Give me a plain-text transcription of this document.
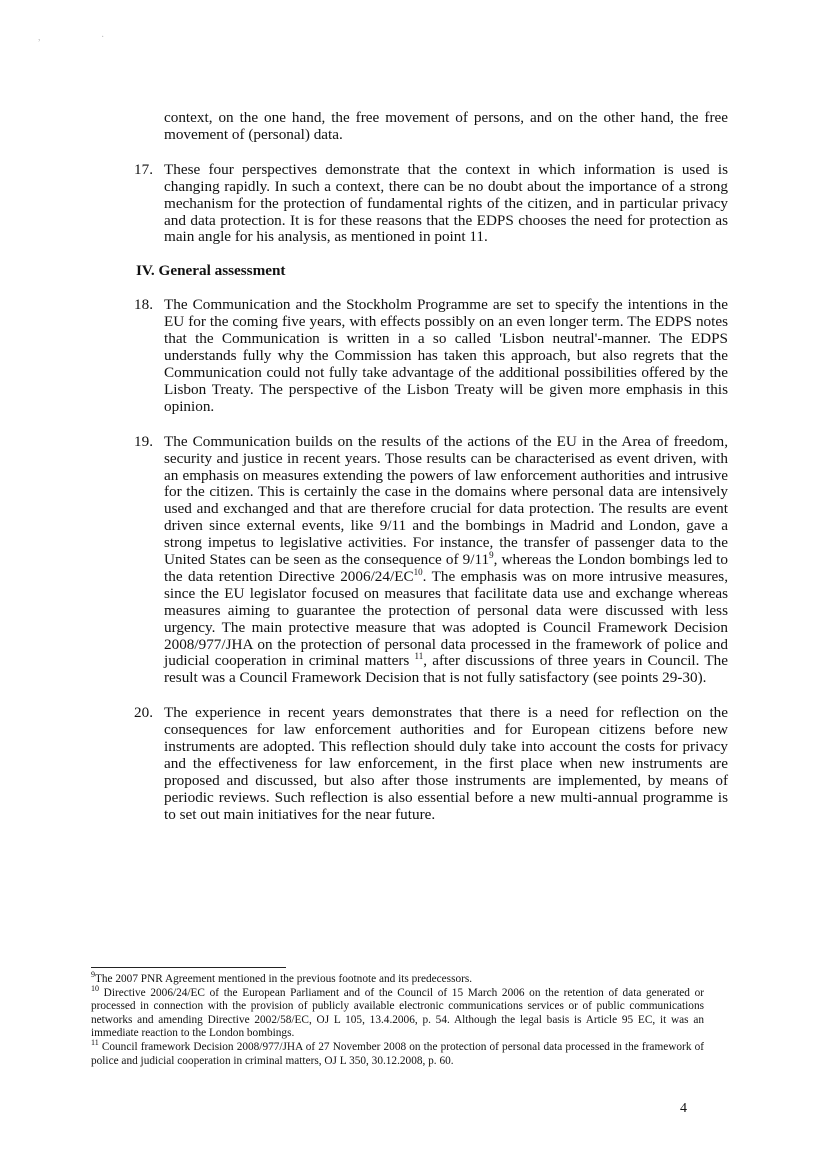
,	·
context, on the one hand, the free movement of persons, and on the other hand, the free movement of (personal) data.
17. These four perspectives demonstrate that the context in which information is used is changing rapidly. In such a context, there can be no doubt about the importance of a strong mechanism for the protection of fundamental rights of the citizen, and in particular privacy and data protection. It is for these reasons that the EDPS chooses the need for protection as main angle for his analysis, as mentioned in point 11.
IV. General assessment
18. The Communication and the Stockholm Programme are set to specify the intentions in the EU for the coming five years, with effects possibly on an even longer term. The EDPS notes that the Communication is written in a so called 'Lisbon neutral'-manner. The EDPS understands fully why the Commission has taken this approach, but also regrets that the Communication could not fully take advantage of the additional possibilities offered by the Lisbon Treaty. The perspective of the Lisbon Treaty will be given more emphasis in this opinion.
19. The Communication builds on the results of the actions of the EU in the Area of freedom, security and justice in recent years. Those results can be characterised as event driven, with an emphasis on measures extending the powers of law enforcement authorities and intrusive for the citizen. This is certainly the case in the domains where personal data are intensively used and exchanged and that are therefore crucial for data protection. The results are event driven since external events, like 9/11 and the bombings in Madrid and London, gave a strong impetus to legislative activities. For instance, the transfer of passenger data to the United States can be seen as the consequence of $9/11^9$, whereas the London bombings led to the data retention Directive 2006/24/EC$^{10}$. The emphasis was on more intrusive measures, since the EU legislator focused on measures that facilitate data use and exchange whereas measures aiming to guarantee the protection of personal data were discussed with less urgency. The main protective measure that was adopted is Council Framework Decision 2008/977/JHA on the protection of personal data processed in the framework of police and judicial cooperation in criminal matters $^{11}$, after discussions of three years in Council. The result was a Council Framework Decision that is not fully satisfactory (see points 29-30).
20. The experience in recent years demonstrates that there is a need for reflection on the consequences for law enforcement authorities and for European citizens before new instruments are adopted. This reflection should duly take into account the costs for privacy and the effectiveness for law enforcement, in the first place when new instruments are proposed and discussed, but also after those instruments are implemented, by means of periodic reviews. Such reflection is also essential before a new multi-annual programme is to set out main initiatives for the near future.

$^9$The 2007 PNR Agreement mentioned in the previous footnote and its predecessors.

$^{10}$ Directive 2006/24/EC of the European Parliament and of the Council of 15 March 2006 on the retention of data generated or processed in connection with the provision of publicly available electronic communications services or of public communications networks and amending Directive 2002/58/EC, OJ L 105, 13.4.2006, p. 54. Although the legal basis is Article 95 EC, it was an immediate reaction to the London bombings.

$^{11}$ Council framework Decision 2008/977/JHA of 27 November 2008 on the protection of personal data processed in the framework of police and judicial cooperation in criminal matters, OJ L 350, 30.12.2008, p. 60.

4
